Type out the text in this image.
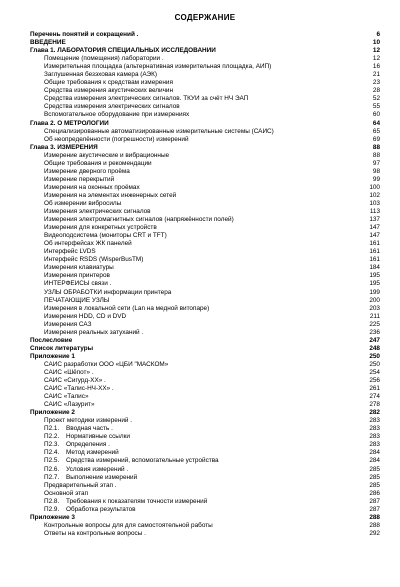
СОДЕРЖАНИЕ
Перечень понятий и сокращений .	6
ВВЕДЕНИЕ	10
Глава 1. ЛАБОРАТОРИЯ СПЕЦИАЛЬНЫХ ИССЛЕДОВАНИЙ	12
Помещение (помещения) лаборатории .	12
Измерительная площадка (альтернативная измерительная площадка, АИП)	16
Заглушенная безэховая камера (АЭК)	21
Общие требования к средствам измерения	23
Средства измерения акустических величин	28
Средства измерения электрических сигналов. ТКУИ за счёт НЧ ЭАП	52
Средства измерения электрических сигналов	55
Вспомогательное оборудование при измерениях	60
Глава 2. О МЕТРОЛОГИИ	64
Специализированные автоматизированные измерительные системы (САИС)	65
Об неопределённости (погрешности) измерений	69
Глава 3. ИЗМЕРЕНИЯ	88
Измерение акустические и вибрационные	88
Общие требования и рекомендации	97
Измерение дверного проёма	98
Измерение перекрытий	99
Измерения на оконных проёмах	100
Измерения на элементах инженерных сетей	102
Об измерении вибросилы	103
Измерения электрических сигналов	113
Измерения электромагнитных сигналов (напряжённости полей)	137
Измерения для конкретных устройств	147
Видеоподсистема (мониторы CRT и TFT)	147
Об интерфейсах ЖК панелей	161
Интерфейс LVDS	161
Интерфейс RSDS (WisperBusTM)	161
Измерения клавиатуры	184
Измерения принтеров	195
ИНТЕРФЕЙСЫ связи .	195
УЗЛЫ ОБРАБОТКИ информации принтера	199
ПЕЧАТАЮЩИЕ УЗЛЫ	200
Измерения в локальной сети (Lan на медной витопаре)	203
Измерения HDD, CD и DVD	211
Измерения САЗ	225
Измерения реальных затуханий .	236
Послесловие	247
Список литературы	248
Приложение 1	250
САИС разработки ООО «ЦБИ "МАСКОМ»	250
САИС «Шёпот» .	254
САИС «Сигурд-ХХ» .	256
САИС «Талис-НЧ-ХХ» .	261
САИС «Талис»	274
САИС «Лазурит»	278
Приложение 2	282
Проект методики измерений .	283
П2.1. Вводная часть .	283
П2.2. Нормативные ссылки	283
П2.3. Определения .	283
П2.4. Метод измерений	284
П2.5. Средства измерений, вспомогательные устройства	284
П2.6. Условия измерений .	285
П2.7. Выполнение измерений	285
Предварительный этап .	285
Основной этап	286
П2.8. Требования к показателям точности измерений	287
П2.9. Обработка результатов	287
Приложение 3	288
Контрольные вопросы для для самостоятельной работы	288
Ответы на контрольные вопросы .	292
